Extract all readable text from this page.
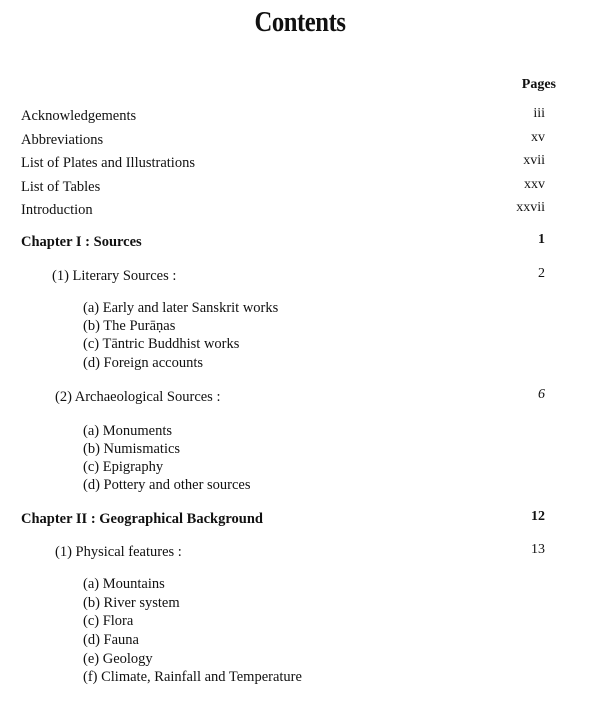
Contents
Pages
Acknowledgements	iii
Abbreviations	xv
List of Plates and Illustrations	xvii
List of Tables	xxv
Introduction	xxvii
Chapter I : Sources	1
(1) Literary Sources :	2
(a) Early and later Sanskrit works
(b) The Purāṇas
(c) Tāntric Buddhist works
(d) Foreign accounts
(2) Archaeological Sources :	6
(a) Monuments
(b) Numismatics
(c) Epigraphy
(d) Pottery and other sources
Chapter II : Geographical Background	12
(1) Physical features :	13
(a) Mountains
(b) River system
(c) Flora
(d) Fauna
(e) Geology
(f) Climate, Rainfall and Temperature
